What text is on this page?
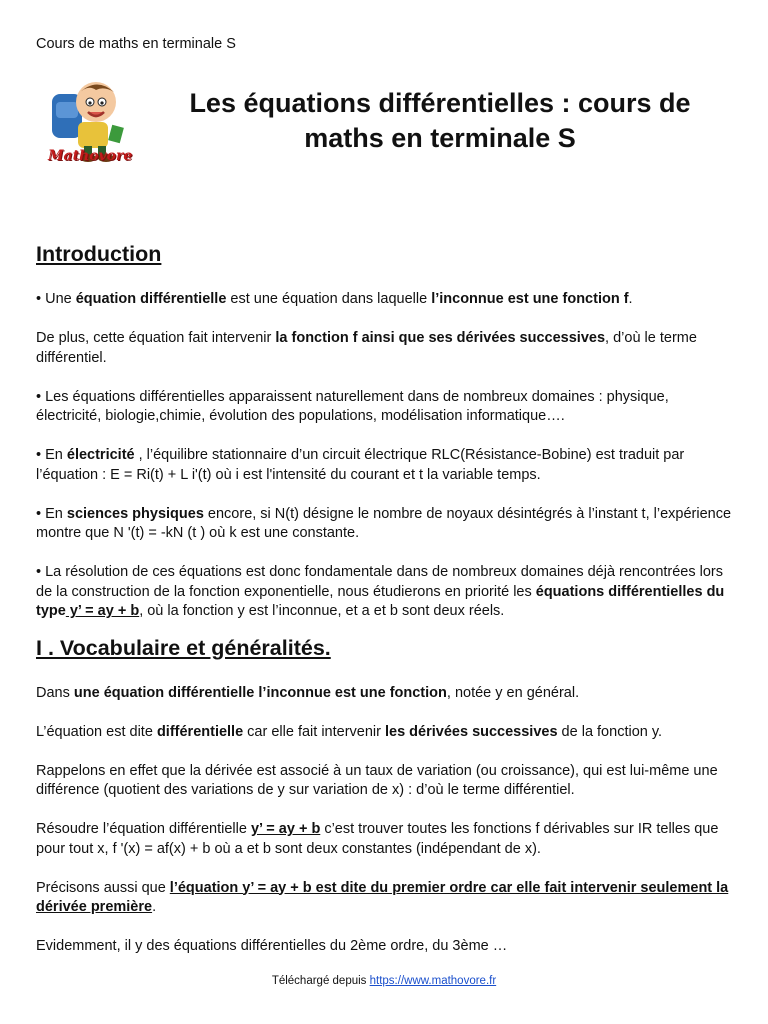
Cours de maths en terminale S
Mathovore
Les équations différentielles : cours de maths en terminale S
Introduction

• Une équation différentielle est une équation dans laquelle l’inconnue est une fonction f.

De plus, cette équation fait intervenir la fonction f ainsi que ses dérivées successives, d’où le terme différentiel.

• Les équations différentielles apparaissent naturellement dans de nombreux domaines : physique, électricité, biologie,chimie, évolution des populations, modélisation informatique….

• En électricité , l’équilibre stationnaire d’un circuit électrique RLC(Résistance-Bobine) est traduit par l’équation : E = Ri(t) + L i'(t) où i est l'intensité du courant et t la variable temps.

• En sciences physiques encore, si N(t) désigne le nombre de noyaux désintégrés à l’instant t, l’expérience montre que N '(t) = -kN (t ) où k est une constante.

• La résolution de ces équations est donc fondamentale dans de nombreux domaines déjà rencontrées lors de la construction de la fonction exponentielle, nous étudierons en priorité les équations différentielles du type y’ = ay + b, où la fonction y est l’inconnue, et a et b sont deux réels.

I . Vocabulaire et généralités.

Dans une équation différentielle l’inconnue est une fonction, notée y en général.

L’équation est dite différentielle car elle fait intervenir les dérivées successives de la fonction y.

Rappelons en effet que la dérivée est associé à un taux de variation (ou croissance), qui est lui-même une différence (quotient des variations de y sur variation de x) : d’où le terme différentiel.

Résoudre l’équation différentielle y’ = ay + b c’est trouver toutes les fonctions f dérivables sur IR telles que pour tout x, f '(x) = af(x) + b où a et b sont deux constantes (indépendant de x).

Précisons aussi que l’équation y’ = ay + b est dite du premier ordre car elle fait intervenir seulement la dérivée première.

Evidemment, il y des équations différentielles du 2ème ordre, du 3ème …

Téléchargé depuis https://www.mathovore.fr
